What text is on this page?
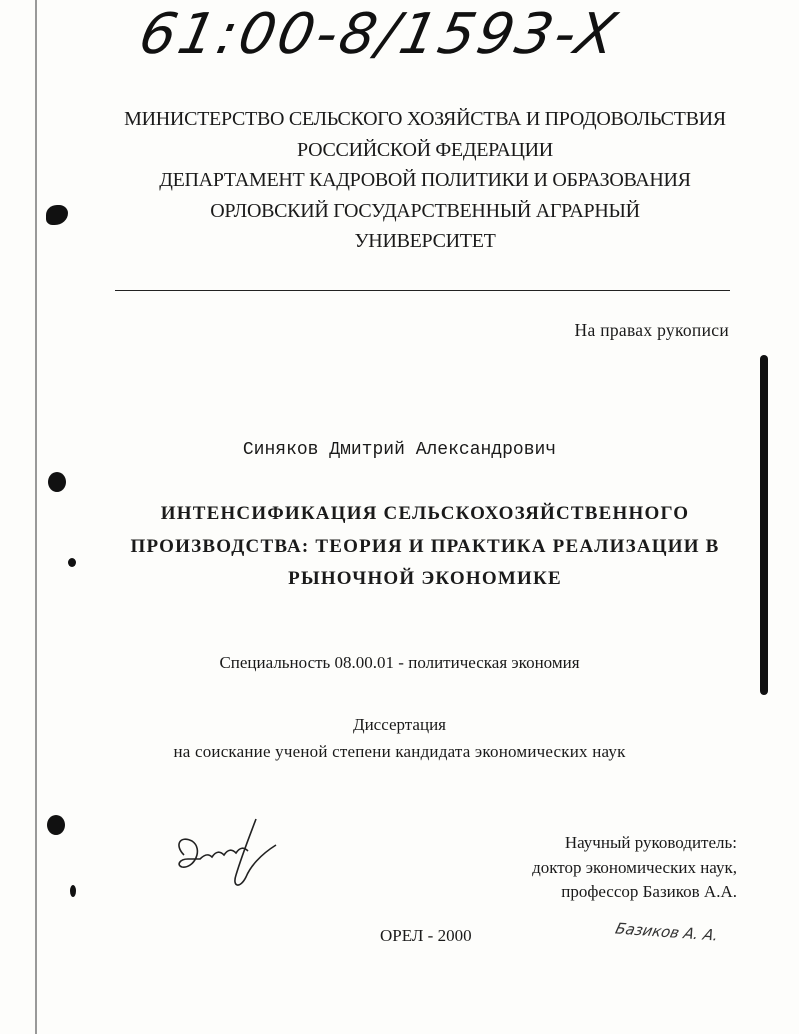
61:00-8/1593-X
МИНИСТЕРСТВО СЕЛЬСКОГО ХОЗЯЙСТВА И ПРОДОВОЛЬСТВИЯ
РОССИЙСКОЙ ФЕДЕРАЦИИ
ДЕПАРТАМЕНТ КАДРОВОЙ ПОЛИТИКИ И ОБРАЗОВАНИЯ
ОРЛОВСКИЙ ГОСУДАРСТВЕННЫЙ АГРАРНЫЙ
УНИВЕРСИТЕТ
На правах рукописи
Синяков Дмитрий Александрович
ИНТЕНСИФИКАЦИЯ СЕЛЬСКОХОЗЯЙСТВЕННОГО
ПРОИЗВОДСТВА: ТЕОРИЯ И ПРАКТИКА РЕАЛИЗАЦИИ В
РЫНОЧНОЙ ЭКОНОМИКЕ
Специальность 08.00.01 - политическая экономия
Диссертация
на соискание ученой степени кандидата экономических наук
Научный руководитель:
доктор экономических наук,
профессор Базиков А.А.
ОРЕЛ - 2000	Базиков А. А.
